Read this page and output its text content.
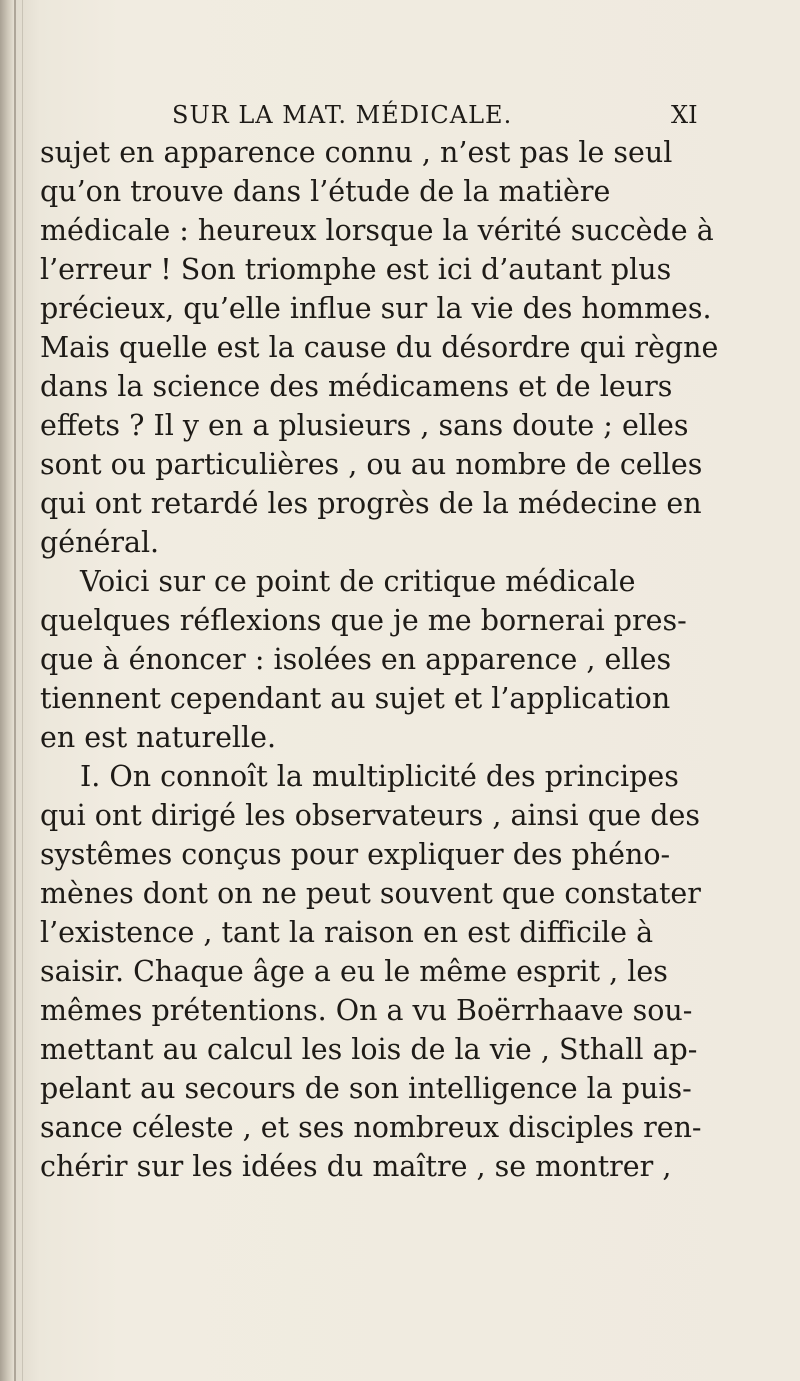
SUR LA MAT. MÉDICALE.	XI
sujet en apparence connu , n’est pas le seul
qu’on trouve dans l’étude de la matière
médicale : heureux lorsque la vérité succède à
l’erreur ! Son triomphe est ici d’autant plus
précieux, qu’elle influe sur la vie des hommes.
Mais quelle est la cause du désordre qui règne
dans la science des médicamens et de leurs
effets ? Il y en a plusieurs , sans doute ; elles
sont ou particulières , ou au nombre de celles
qui ont retardé les progrès de la médecine en
général.
Voici sur ce point de critique médicale
quelques réflexions que je me bornerai pres-
que à énoncer : isolées en apparence , elles
tiennent cependant au sujet et l’application
en est naturelle.
I. On connoît la multiplicité des principes
qui ont dirigé les observateurs , ainsi que des
systêmes conçus pour expliquer des phéno-
mènes dont on ne peut souvent que constater
l’existence , tant la raison en est difficile à
saisir. Chaque âge a eu le même esprit , les
mêmes prétentions. On a vu Boërrhaave sou-
mettant au calcul les lois de la vie , Sthall ap-
pelant au secours de son intelligence la puis-
sance céleste , et ses nombreux disciples ren-
chérir sur les idées du maître , se montrer ,
